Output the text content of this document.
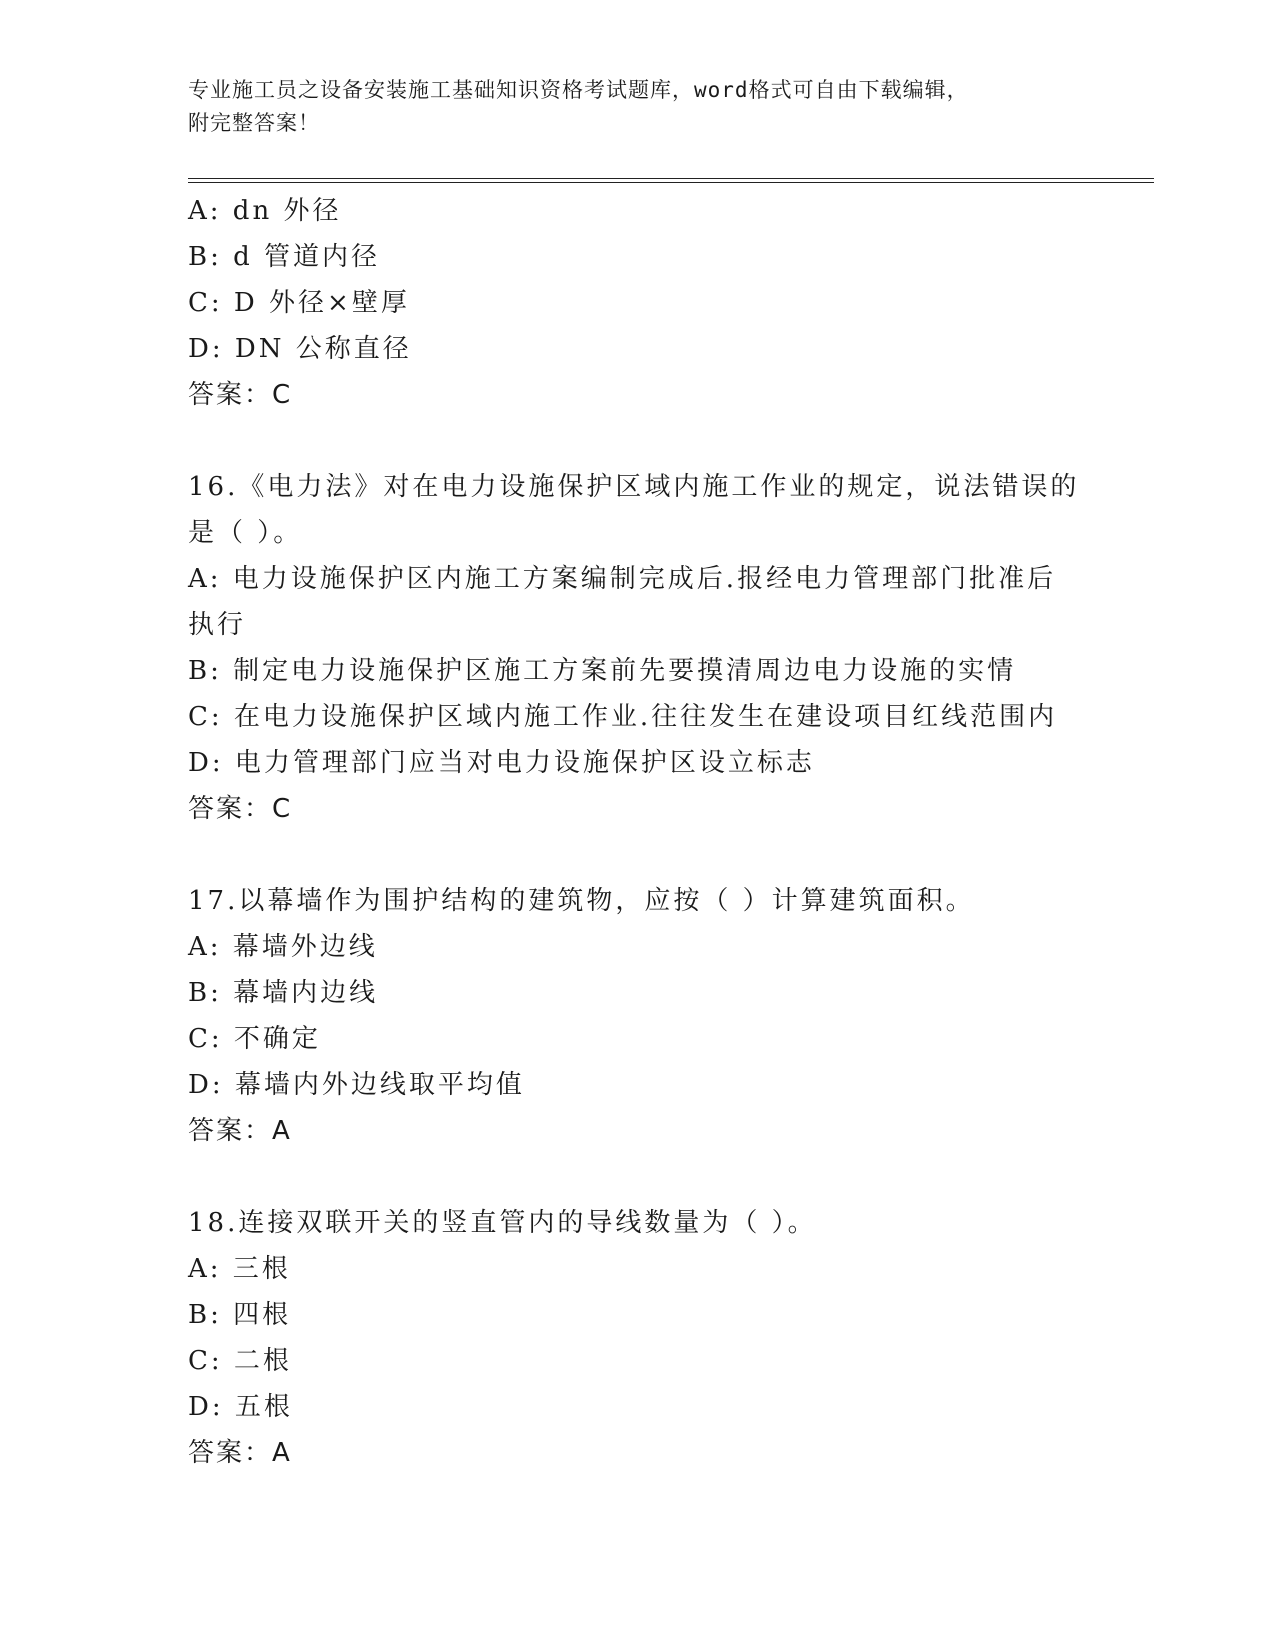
专业施工员之设备安装施工基础知识资格考试题库，word格式可自由下载编辑，
附完整答案！
A: dn 外径
B: d 管道内径
C: D 外径×壁厚
D: DN 公称直径
答案：C
16.《电力法》对在电力设施保护区域内施工作业的规定，说法错误的
是（ ）。
A: 电力设施保护区内施工方案编制完成后.报经电力管理部门批准后
执行
B: 制定电力设施保护区施工方案前先要摸清周边电力设施的实情
C: 在电力设施保护区域内施工作业.往往发生在建设项目红线范围内
D: 电力管理部门应当对电力设施保护区设立标志
答案：C
17.以幕墙作为围护结构的建筑物，应按（ ）计算建筑面积。
A: 幕墙外边线
B: 幕墙内边线
C: 不确定
D: 幕墙内外边线取平均值
答案：A
18.连接双联开关的竖直管内的导线数量为（ ）。
A: 三根
B: 四根
C: 二根
D: 五根
答案：A
